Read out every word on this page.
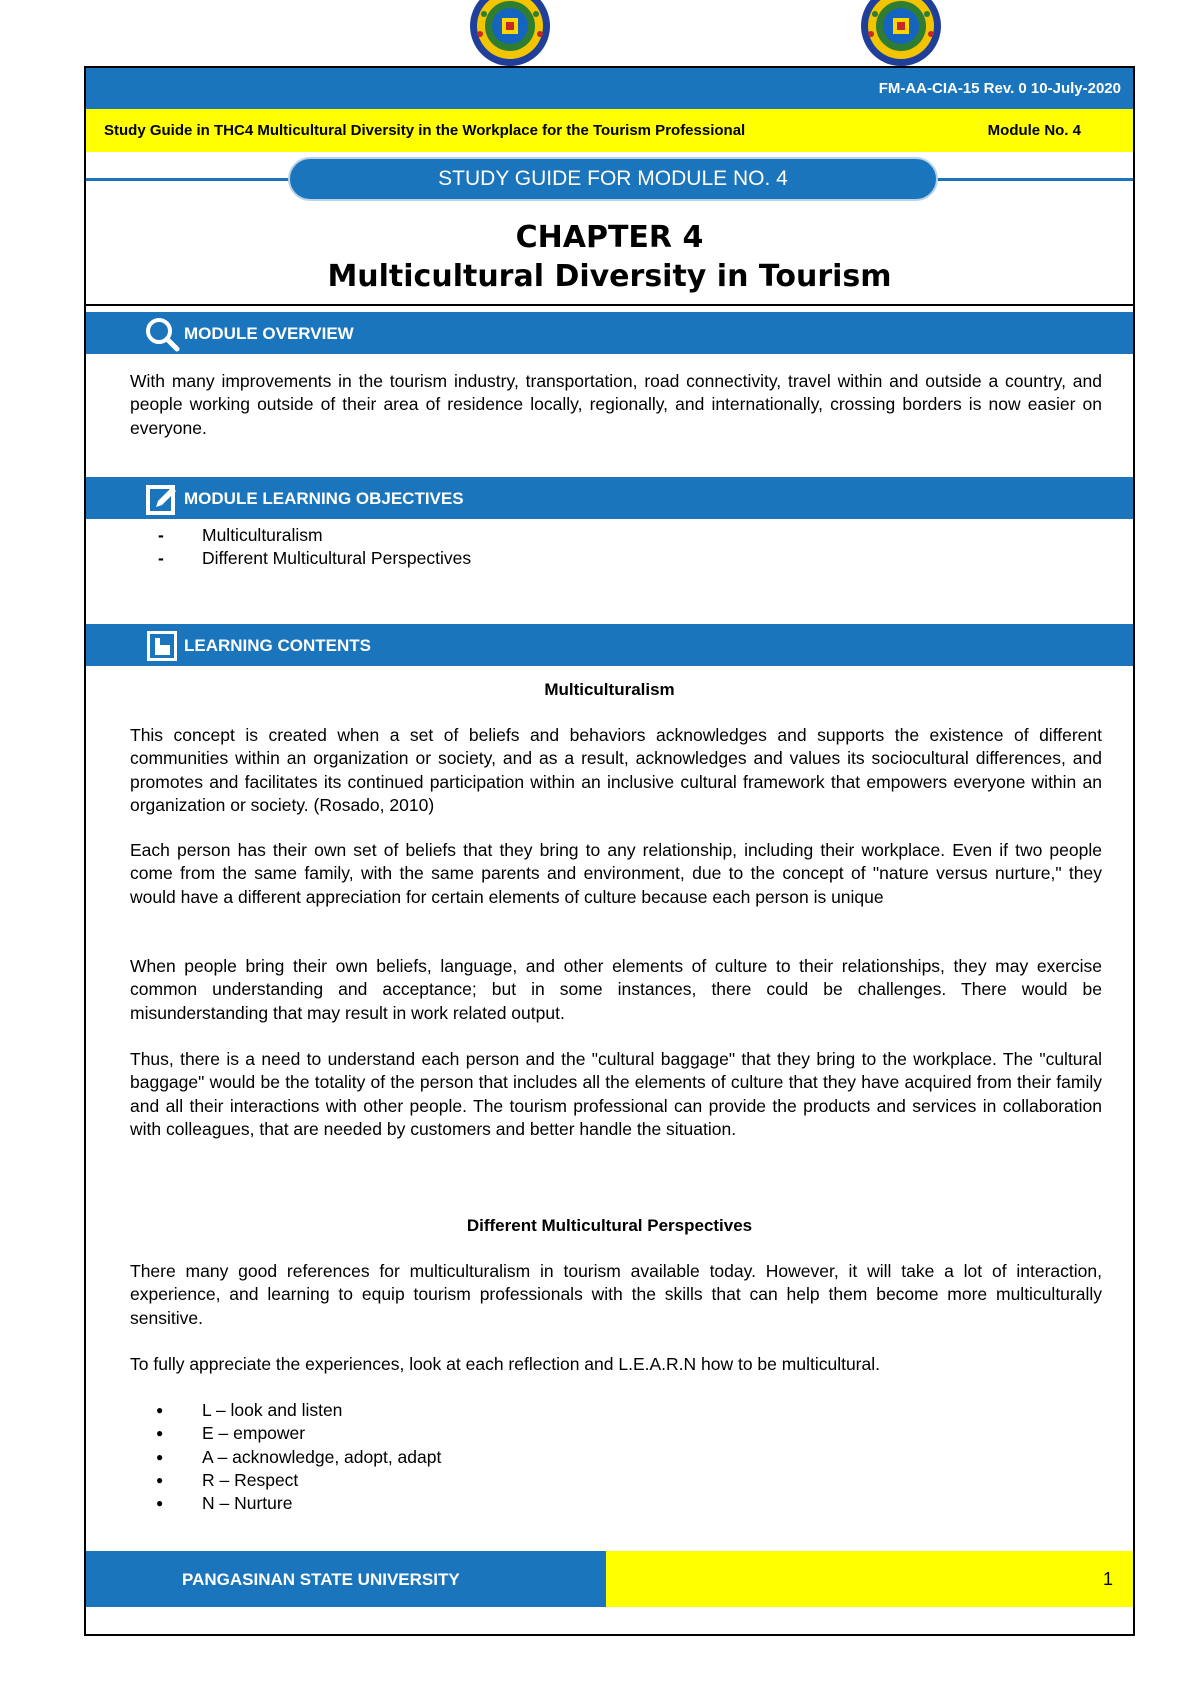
FM-AA-CIA-15 Rev. 0 10-July-2020
Study Guide in THC4 Multicultural Diversity in the Workplace for the Tourism Professional	Module No. 4
STUDY GUIDE FOR MODULE NO. 4
CHAPTER 4
Multicultural Diversity in Tourism
MODULE OVERVIEW
With many improvements in the tourism industry, transportation, road connectivity, travel within and outside a country, and people working outside of their area of residence locally, regionally, and internationally, crossing borders is now easier on everyone.
MODULE LEARNING OBJECTIVES
- Multiculturalism
- Different Multicultural Perspectives
LEARNING CONTENTS
Multiculturalism
This concept is created when a set of beliefs and behaviors acknowledges and supports the existence of different communities within an organization or society, and as a result, acknowledges and values its sociocultural differences, and promotes and facilitates its continued participation within an inclusive cultural framework that empowers everyone within an organization or society. (Rosado, 2010)
Each person has their own set of beliefs that they bring to any relationship, including their workplace. Even if two people come from the same family, with the same parents and environment, due to the concept of "nature versus nurture," they would have a different appreciation for certain elements of culture because each person is unique
When people bring their own beliefs, language, and other elements of culture to their relationships, they may exercise common understanding and acceptance; but in some instances, there could be challenges. There would be misunderstanding that may result in work related output.
Thus, there is a need to understand each person and the "cultural baggage" that they bring to the workplace. The "cultural baggage" would be the totality of the person that includes all the elements of culture that they have acquired from their family and all their interactions with other people. The tourism professional can provide the products and services in collaboration with colleagues, that are needed by customers and better handle the situation.
Different Multicultural Perspectives
There many good references for multiculturalism in tourism available today. However, it will take a lot of interaction, experience, and learning to equip tourism professionals with the skills that can help them become more multiculturally sensitive.
To fully appreciate the experiences, look at each reflection and L.E.A.R.N how to be multicultural.
● L – look and listen
● E – empower
● A – acknowledge, adopt, adapt
● R – Respect
● N – Nurture
PANGASINAN STATE UNIVERSITY	1
